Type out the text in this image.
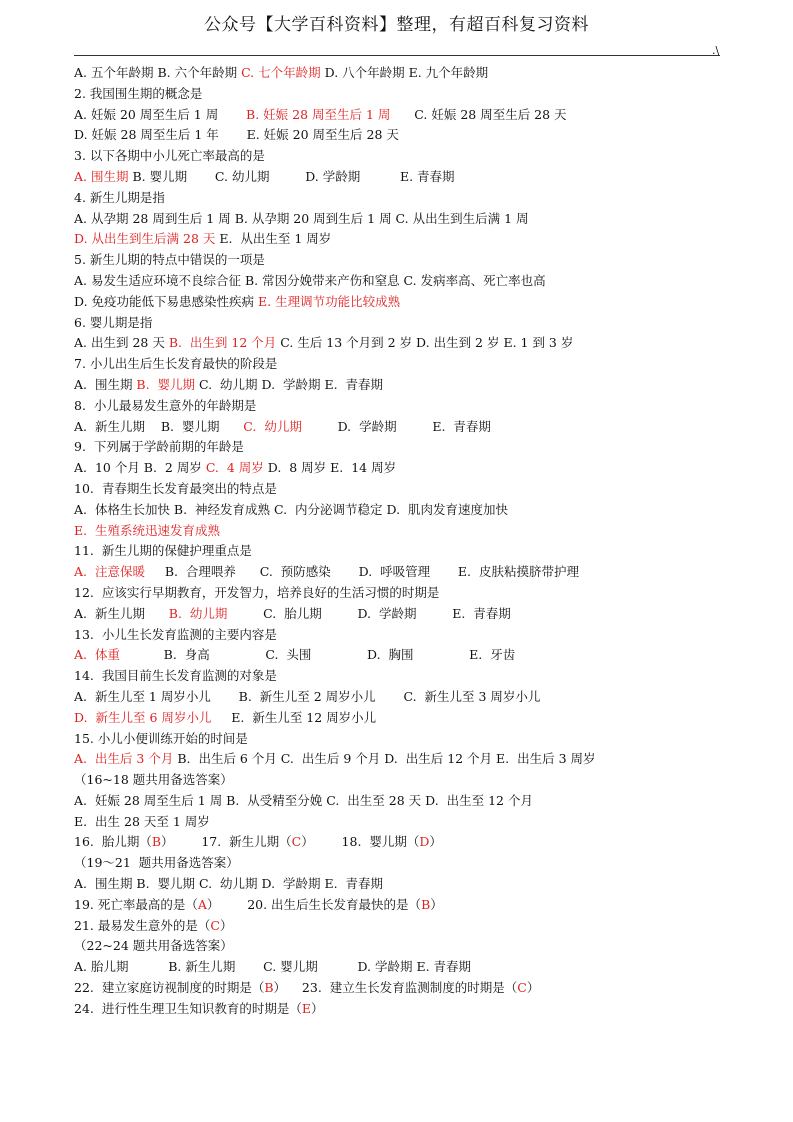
公众号【大学百科资料】整理，有超百科复习资料
.\
A. 五个年龄期 B. 六个年龄期 C. 七个年龄期 D. 八个年龄期 E. 九个年龄期
2. 我国围生期的概念是
A. 妊娠 20 周至生后 1 周       B. 妊娠 28 周至生后 1 周      C. 妊娠 28 周至生后 28 天
D. 妊娠 28 周至生后 1 年       E. 妊娠 20 周至生后 28 天
3. 以下各期中小儿死亡率最高的是
A. 围生期 B. 婴儿期       C. 幼儿期         D. 学龄期          E. 青春期
4. 新生儿期是指
A. 从孕期 28 周到生后 1 周 B. 从孕期 20 周到生后 1 周 C. 从出生到生后满 1 周
D. 从出生到生后满 28 天 E.  从出生至 1 周岁
5. 新生儿期的特点中错误的一项是
A. 易发生适应环境不良综合征 B. 常因分娩带来产伤和窒息 C. 发病率高、死亡率也高
D. 免疫功能低下易患感染性疾病 E. 生理调节功能比较成熟
6. 婴儿期是指
A. 出生到 28 天 B.  出生到 12 个月 C. 生后 13 个月到 2 岁 D. 出生到 2 岁 E. 1 到 3 岁
7. 小儿出生后生长发育最快的阶段是
A.  围生期 B.  婴儿期 C.  幼儿期 D.  学龄期 E.  青春期
8.  小儿最易发生意外的年龄期是
A.  新生儿期    B.  婴儿期      C.  幼儿期         D.  学龄期         E.  青春期
9.  下列属于学龄前期的年龄是
A.  10 个月 B.  2 周岁 C.  4 周岁 D.  8 周岁 E.  14 周岁
10.  青春期生长发育最突出的特点是
A.  体格生长加快 B.  神经发育成熟 C.  内分泌调节稳定 D.  肌肉发育速度加快
E.  生殖系统迅速发育成熟
11.  新生儿期的保健护理重点是
A.  注意保暖     B.  合理喂养      C.  预防感染       D.  呼吸管理       E.  皮肤粘摸脐带护理
12.  应该实行早期教育，开发智力，培养良好的生活习惯的时期是
A.  新生儿期      B.  幼儿期         C.  胎儿期         D.  学龄期         E.  青春期
13.  小儿生长发育监测的主要内容是
A.  体重           B.  身高              C.  头围              D.  胸围              E.  牙齿
14.  我国目前生长发育监测的对象是
A.  新生儿至 1 周岁小儿       B.  新生儿至 2 周岁小儿       C.  新生儿至 3 周岁小儿
D.  新生儿至 6 周岁小儿     E.  新生儿至 12 周岁小儿
15. 小儿小便训练开始的时间是
A.  出生后 3 个月 B.  出生后 6 个月 C.  出生后 9 个月 D.  出生后 12 个月 E.  出生后 3 周岁
（16~18 题共用备选答案）
A.  妊娠 28 周至生后 1 周 B.  从受精至分娩 C.  出生至 28 天 D.  出生至 12 个月
E.  出生 28 天至 1 周岁
16.  胎儿期（B）       17.  新生儿期（C）       18.  婴儿期（D）
（19～21  题共用备选答案）
A.  围生期 B.  婴儿期 C.  幼儿期 D.  学龄期 E.  青春期
19. 死亡率最高的是（A）       20. 出生后生长发育最快的是（B）
21. 最易发生意外的是（C）
（22~24 题共用备选答案）
A. 胎儿期          B. 新生儿期       C. 婴儿期          D. 学龄期 E. 青春期
22.  建立家庭访视制度的时期是（B）    23.  建立生长发育监测制度的时期是（C）
24.  进行性生理卫生知识教育的时期是（E）
